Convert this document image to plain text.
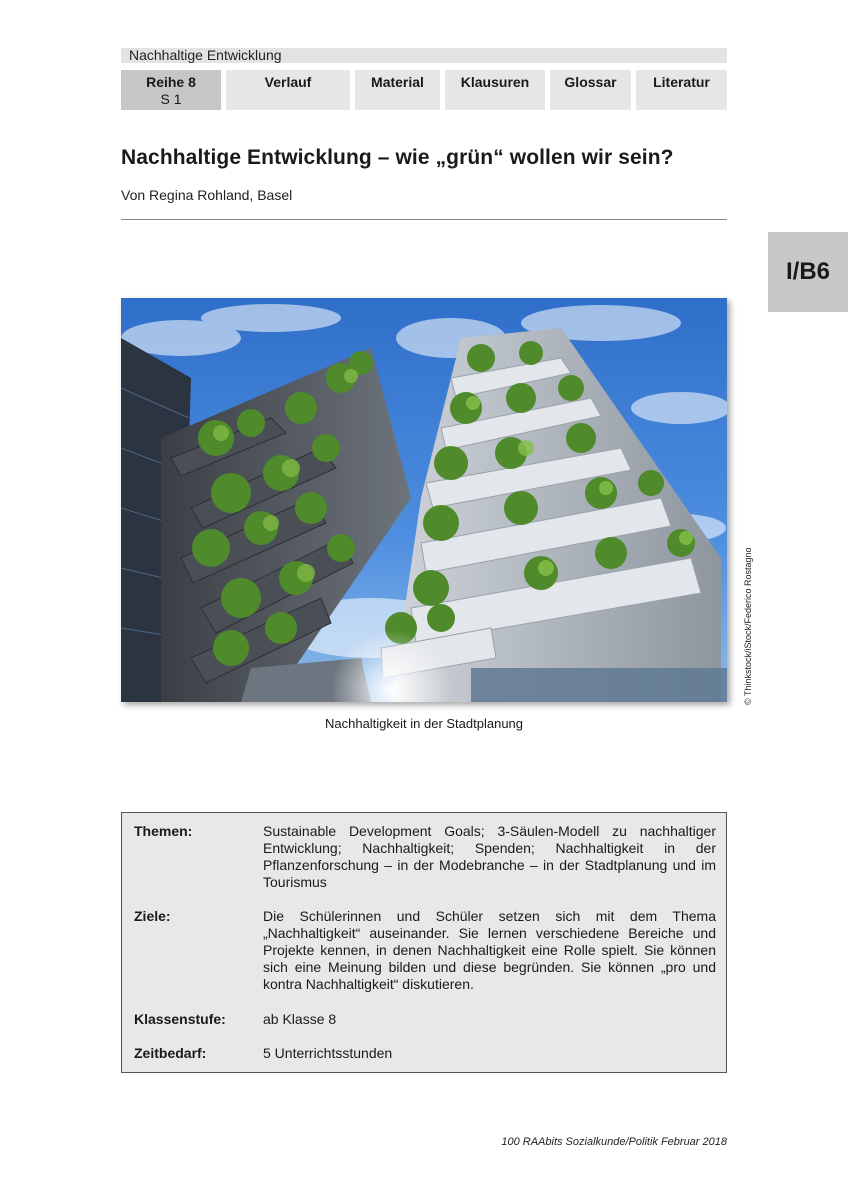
Nachhaltige Entwicklung
Reihe 8
S 1
Verlauf	Material	Klausuren	Glossar	Literatur
Nachhaltige Entwicklung – wie „grün“ wollen wir sein?
Von Regina Rohland, Basel
I/B6
© Thinkstock/iStock/Federico Rostagno
Nachhaltigkeit in der Stadtplanung
Themen:	Sustainable Development Goals; 3-Säulen-Modell zu nachhaltiger Entwicklung; Nachhaltigkeit; Spenden; Nachhaltigkeit in der Pflanzenforschung – in der Modebranche – in der Stadtplanung und im Tourismus
Ziele:	Die Schülerinnen und Schüler setzen sich mit dem Thema „Nachhaltigkeit“ auseinander. Sie lernen verschiedene Bereiche und Projekte kennen, in denen Nachhaltigkeit eine Rolle spielt. Sie können sich eine Meinung bilden und diese begründen. Sie können „pro und kontra Nachhaltigkeit“ diskutieren.
Klassenstufe:	ab Klasse 8
Zeitbedarf:	5 Unterrichtsstunden
100 RAAbits Sozialkunde/Politik Februar 2018
